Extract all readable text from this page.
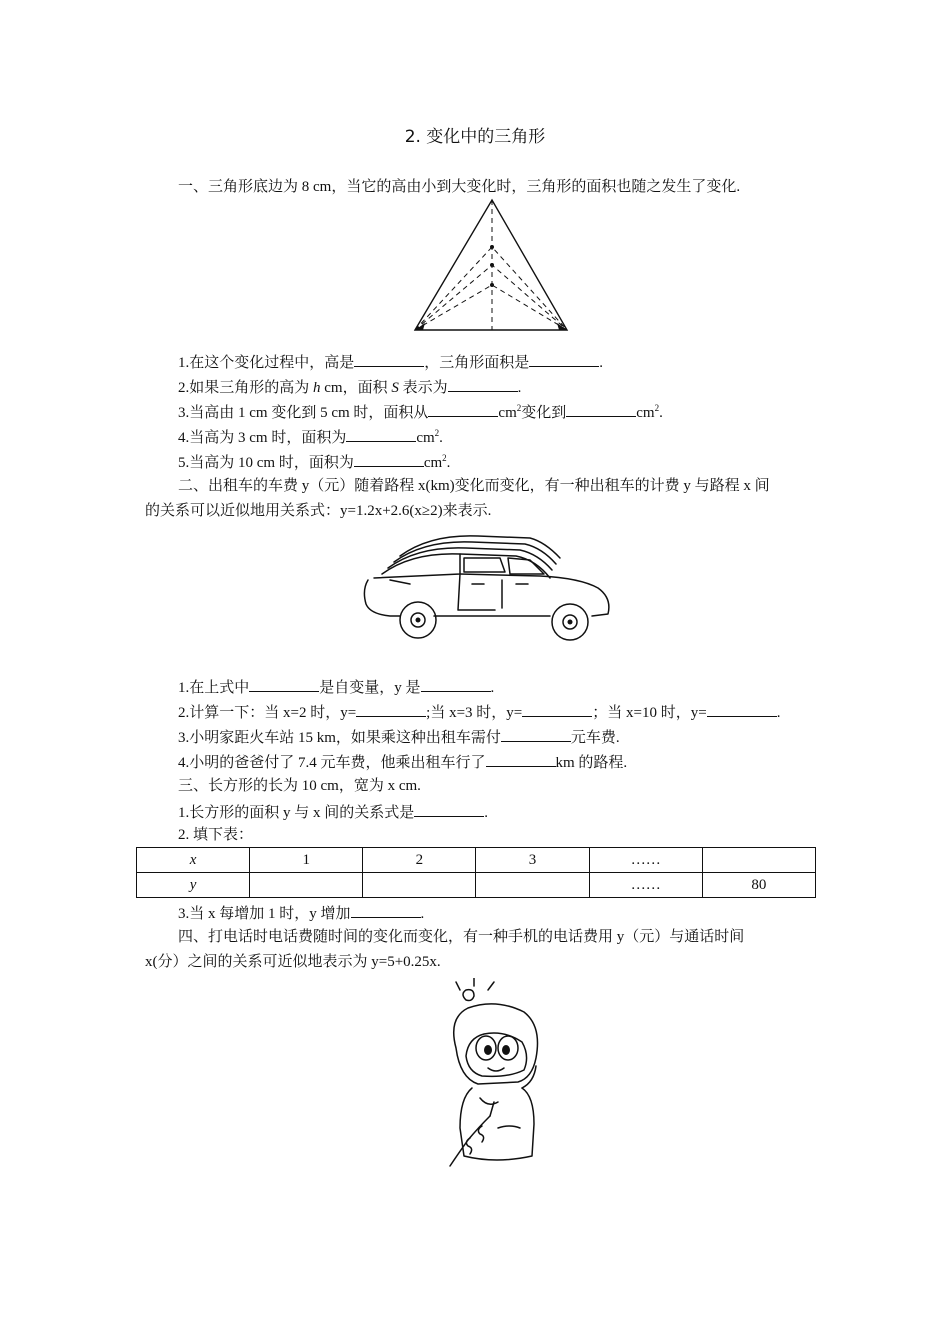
2. 变化中的三角形
一、三角形底边为 8 cm，当它的高由小到大变化时，三角形的面积也随之发生了变化.
1.在这个变化过程中，高是	，三角形面积是	.
2.如果三角形的高为 h cm，面积 S 表示为	.
3.当高由 1 cm 变化到 5 cm 时，面积从	$cm^2$变化到	$cm^2$.
4.当高为 3 cm 时，面积为	$cm^2$.
5.当高为 10 cm 时，面积为	$cm^2$.
二、出租车的车费 y（元）随着路程 x(km)变化而变化，有一种出租车的计费 y 与路程 x 间
的关系可以近似地用关系式：y=1.2x+2.6(x≥2)来表示.
1.在上式中	是自变量，y 是	.
2.计算一下：当 x=2 时，y=	;当 x=3 时，y=	；当 x=10 时，y=	.
3.小明家距火车站 15 km，如果乘这种出租车需付	元车费.
4.小明的爸爸付了 7.4 元车费，他乘出租车行了	km 的路程.
三、长方形的长为 10 cm，宽为 x cm.
1.长方形的面积 y 与 x 间的关系式是	.
2. 填下表：
x	1	2	3	……	
y				……	80
3.当 x 每增加 1 时，y 增加	.
四、打电话时电话费随时间的变化而变化，有一种手机的电话费用 y（元）与通话时间
x(分）之间的关系可近似地表示为 y=5+0.25x.
